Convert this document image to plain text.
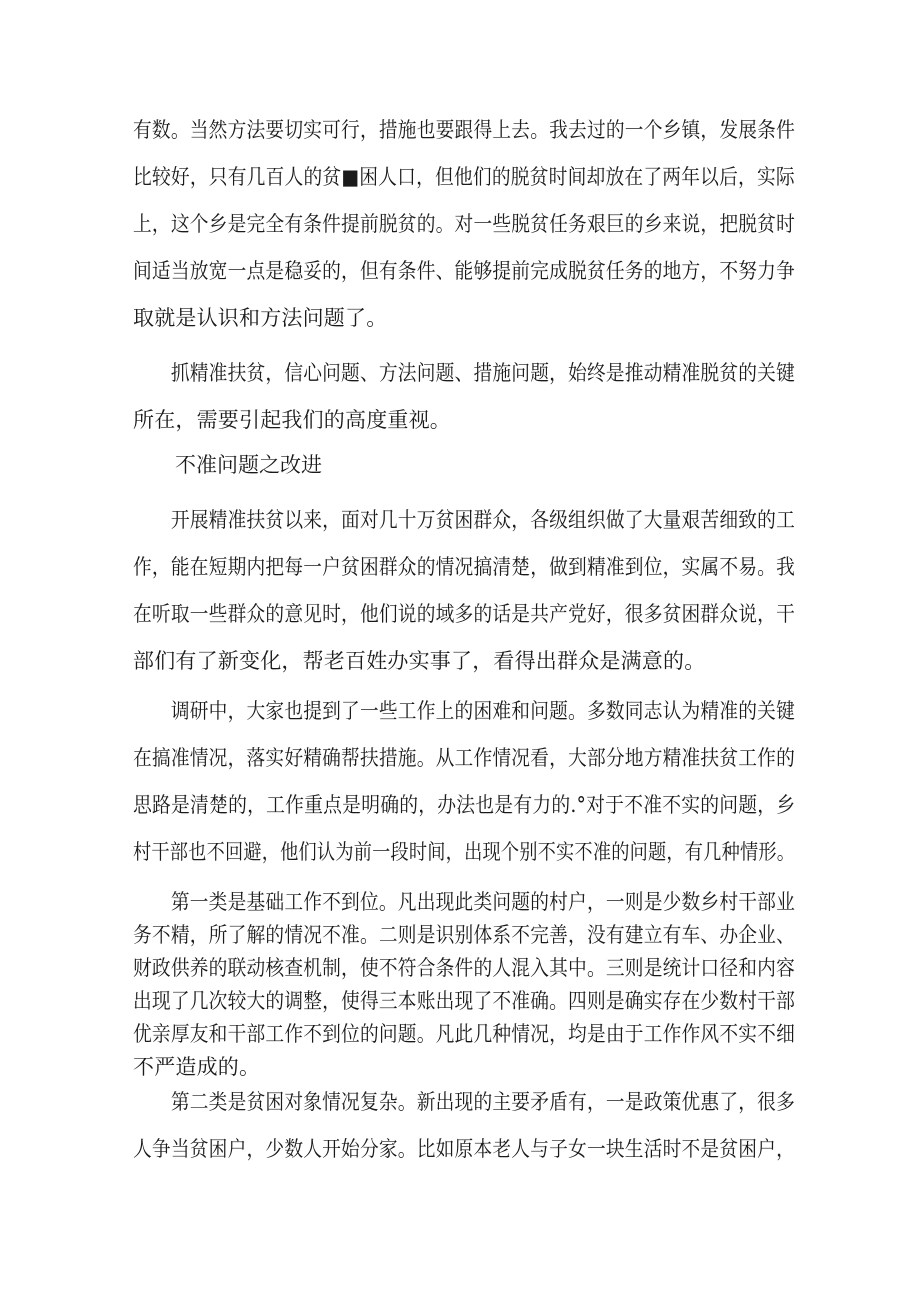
有数。当然方法要切实可行，措施也要跟得上去。我去过的一个乡镇，发展条件
比较好，只有几百人的贫■困人口，但他们的脱贫时间却放在了两年以后，实际
上，这个乡是完全有条件提前脱贫的。对一些脱贫任务艰巨的乡来说，把脱贫时
间适当放宽一点是稳妥的，但有条件、能够提前完成脱贫任务的地方，不努力争
取就是认识和方法问题了。
　　抓精准扶贫，信心问题、方法问题、措施问题，始终是推动精准脱贫的关键
所在，需要引起我们的高度重视。
不准问题之改进
　　开展精准扶贫以来，面对几十万贫困群众，各级组织做了大量艰苦细致的工
作，能在短期内把每一户贫困群众的情况搞清楚，做到精准到位，实属不易。我
在听取一些群众的意见时，他们说的域多的话是共产党好，很多贫困群众说，干
部们有了新变化，帮老百姓办实事了，看得出群众是满意的。
　　调研中，大家也提到了一些工作上的困难和问题。多数同志认为精准的关键
在搞准情况，落实好精确帮扶措施。从工作情况看，大部分地方精准扶贫工作的
思路是清楚的，工作重点是明确的，办法也是有力的.°对于不准不实的问题，乡
村干部也不回避，他们认为前一段时间，出现个别不实不准的问题，有几种情形。
　　第一类是基础工作不到位。凡出现此类问题的村户，一则是少数乡村干部业
务不精，所了解的情况不准。二则是识别体系不完善，没有建立有车、办企业、
财政供养的联动核查机制，使不符合条件的人混入其中。三则是统计口径和内容
出现了几次较大的调整，使得三本账出现了不准确。四则是确实存在少数村干部
优亲厚友和干部工作不到位的问题。凡此几种情况，均是由于工作作风不实不细
不严造成的。
　　第二类是贫困对象情况复杂。新出现的主要矛盾有，一是政策优惠了，很多
人争当贫困户，少数人开始分家。比如原本老人与子女一块生活时不是贫困户，
